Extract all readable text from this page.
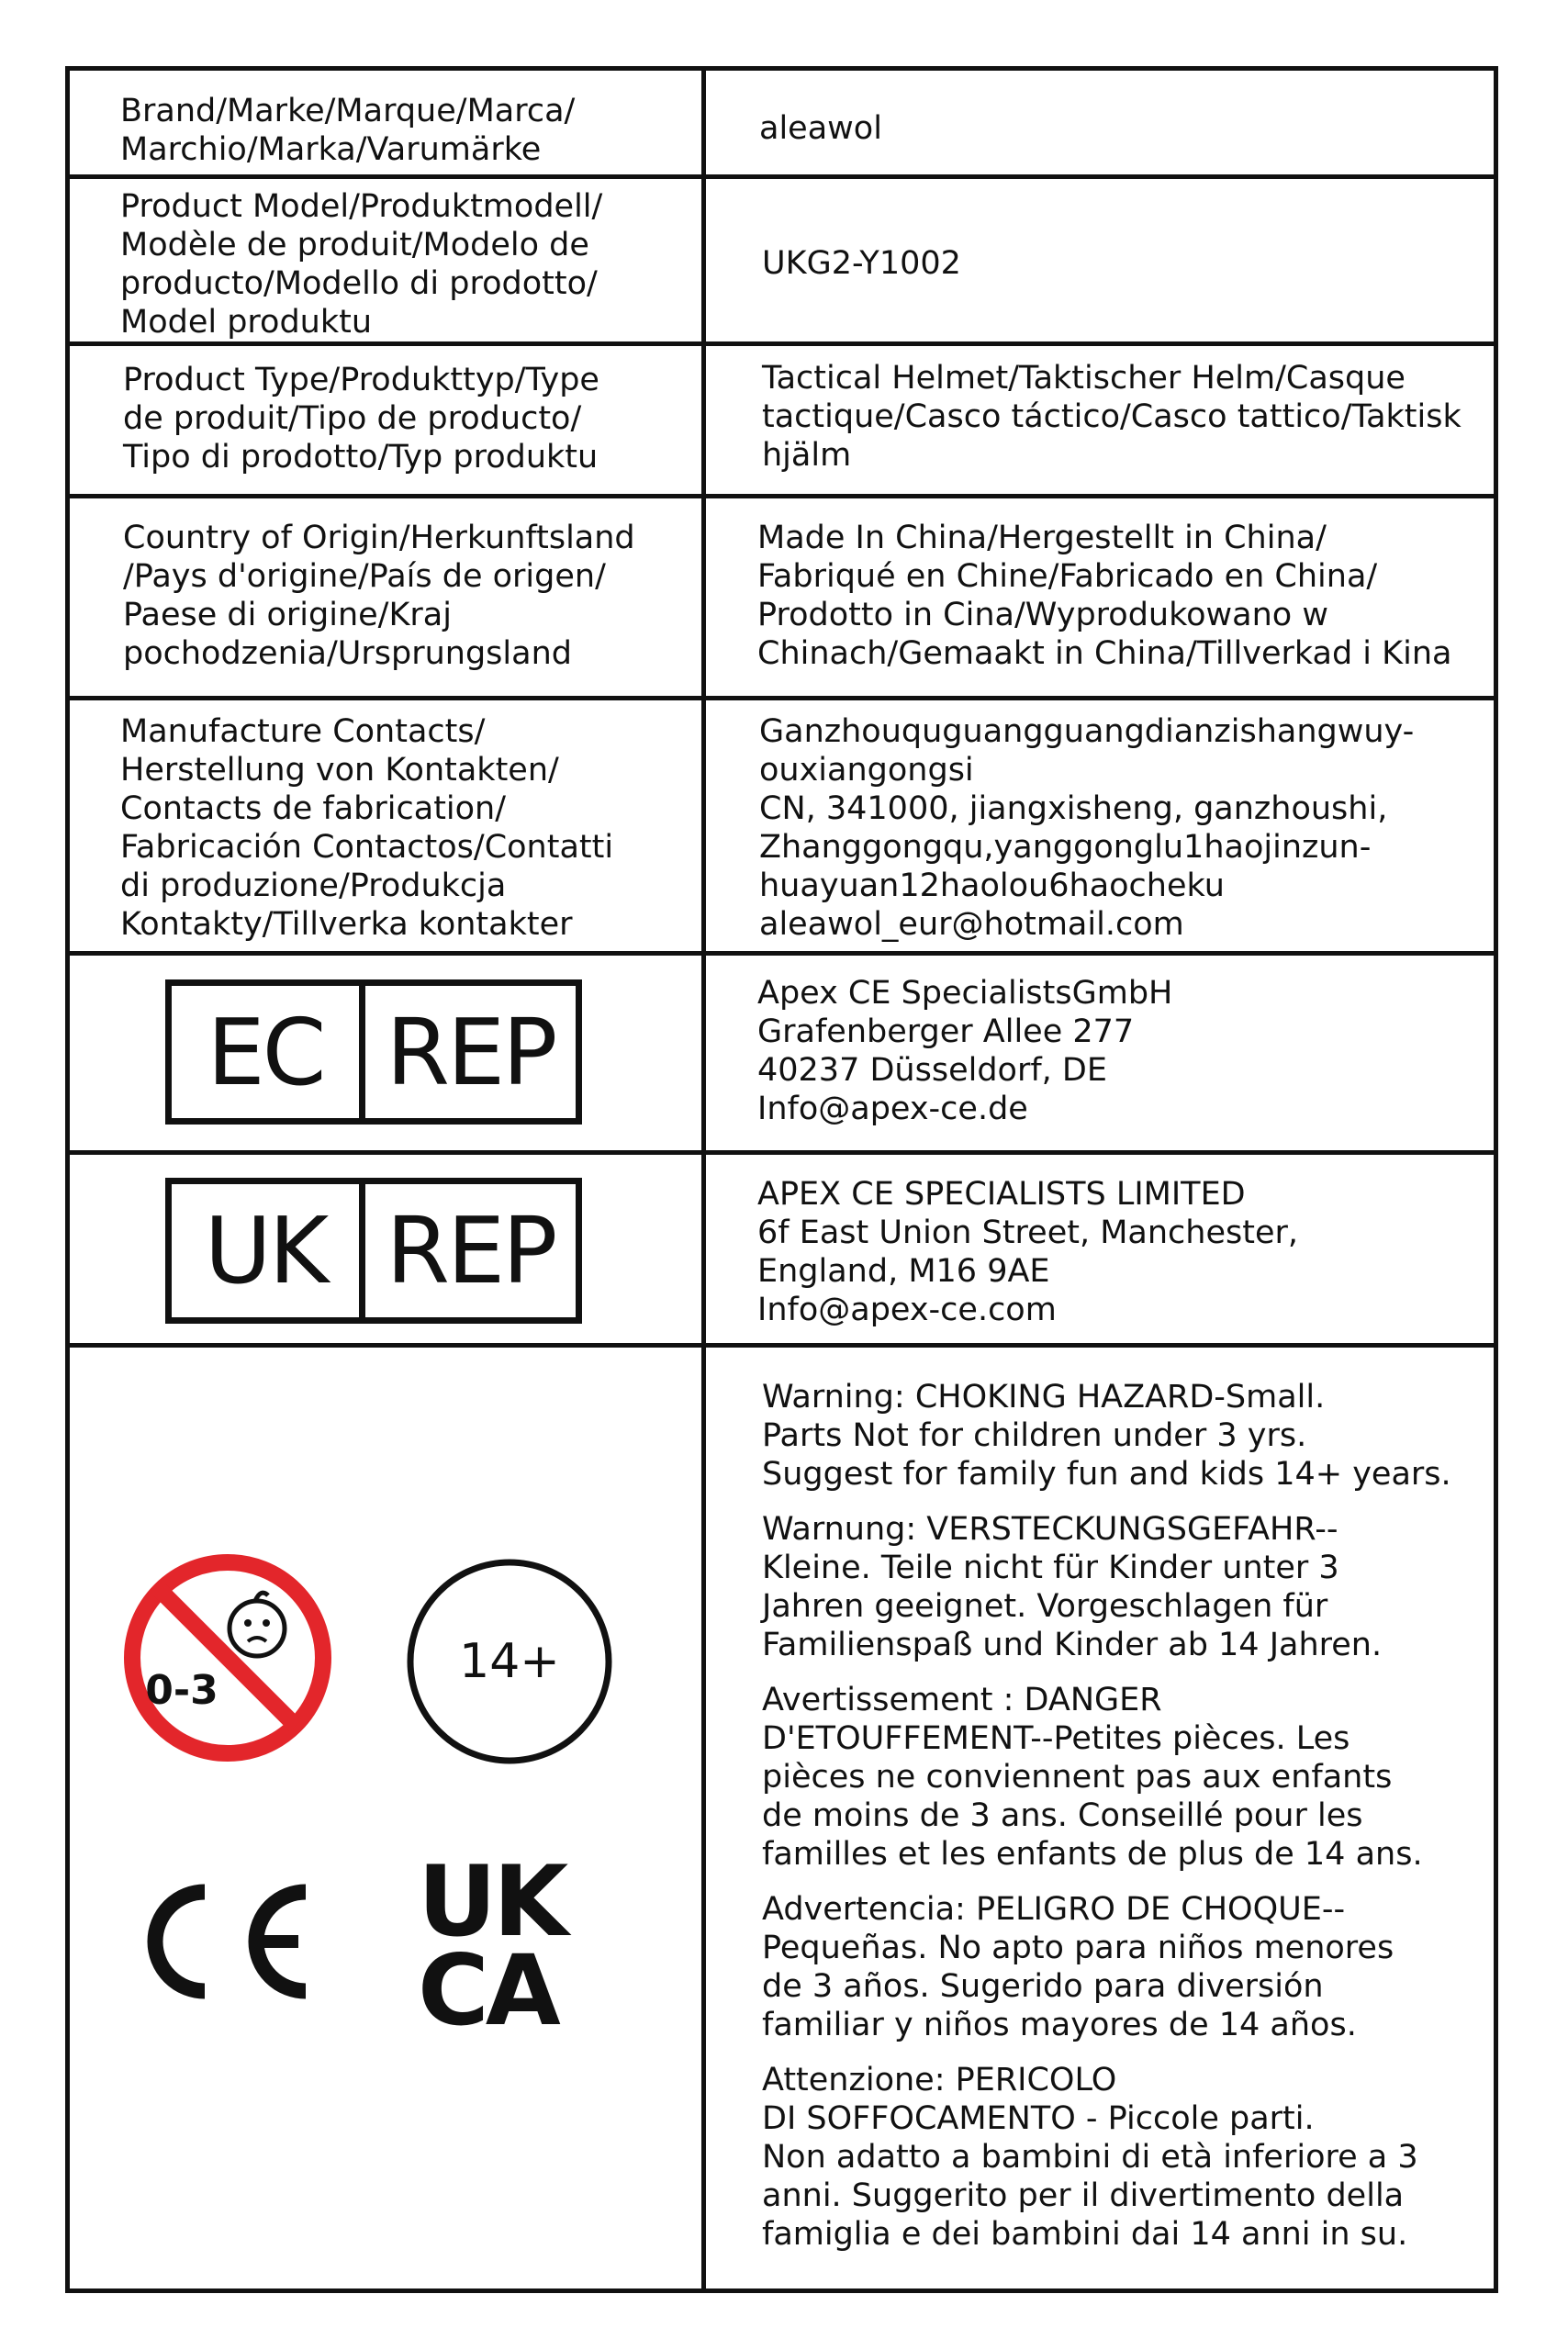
Brand/Marke/Marque/Marca/
Marchio/Marka/Varumärke
aleawol
Product Model/Produktmodell/
Modèle de produit/Modelo de
producto/Modello di prodotto/
Model produktu
UKG2-Y1002
Product Type/Produkttyp/Type
de produit/Tipo de producto/
Tipo di prodotto/Typ produktu
Tactical Helmet/Taktischer Helm/Casque
tactique/Casco táctico/Casco tattico/Taktisk
hjälm
Country of Origin/Herkunftsland
/Pays d'origine/País de origen/
Paese di origine/Kraj
pochodzenia/Ursprungsland
Made In China/Hergestellt in China/
Fabriqué en Chine/Fabricado en China/
Prodotto in Cina/Wyprodukowano w
Chinach/Gemaakt in China/Tillverkad i Kina
Manufacture Contacts/
Herstellung von Kontakten/
Contacts de fabrication/
Fabricación Contactos/Contatti
di produzione/Produkcja
Kontakty/Tillverka kontakter
Ganzhouquguangguangdianzishangwuy-
ouxiangongsi
CN, 341000, jiangxisheng, ganzhoushi,
Zhanggongqu,yanggonglu1haojinzun-
huayuan12haolou6haocheku
aleawol_eur@hotmail.com
EC REP
Apex CE SpecialistsGmbH
Grafenberger Allee 277
40237 Düsseldorf, DE
Info@apex-ce.de
UK REP
APEX CE SPECIALISTS LIMITED
6f East Union Street, Manchester,
England, M16 9AE
Info@apex-ce.com
0-3
14+
UK
CA

Warning: CHOKING HAZARD-Small.
Parts Not for children under 3 yrs.
Suggest for family fun and kids 14+ years.

Warnung: VERSTECKUNGSGEFAHR--
Kleine. Teile nicht für Kinder unter 3
Jahren geeignet. Vorgeschlagen für
Familienspaß und Kinder ab 14 Jahren.

Avertissement : DANGER
D'ETOUFFEMENT--Petites pièces. Les
pièces ne conviennent pas aux enfants
de moins de 3 ans. Conseillé pour les
familles et les enfants de plus de 14 ans.

Advertencia: PELIGRO DE CHOQUE--
Pequeñas. No apto para niños menores
de 3 años. Sugerido para diversión
familiar y niños mayores de 14 años.

Attenzione: PERICOLO
DI SOFFOCAMENTO - Piccole parti.
Non adatto a bambini di età inferiore a 3
anni. Suggerito per il divertimento della
famiglia e dei bambini dai 14 anni in su.
